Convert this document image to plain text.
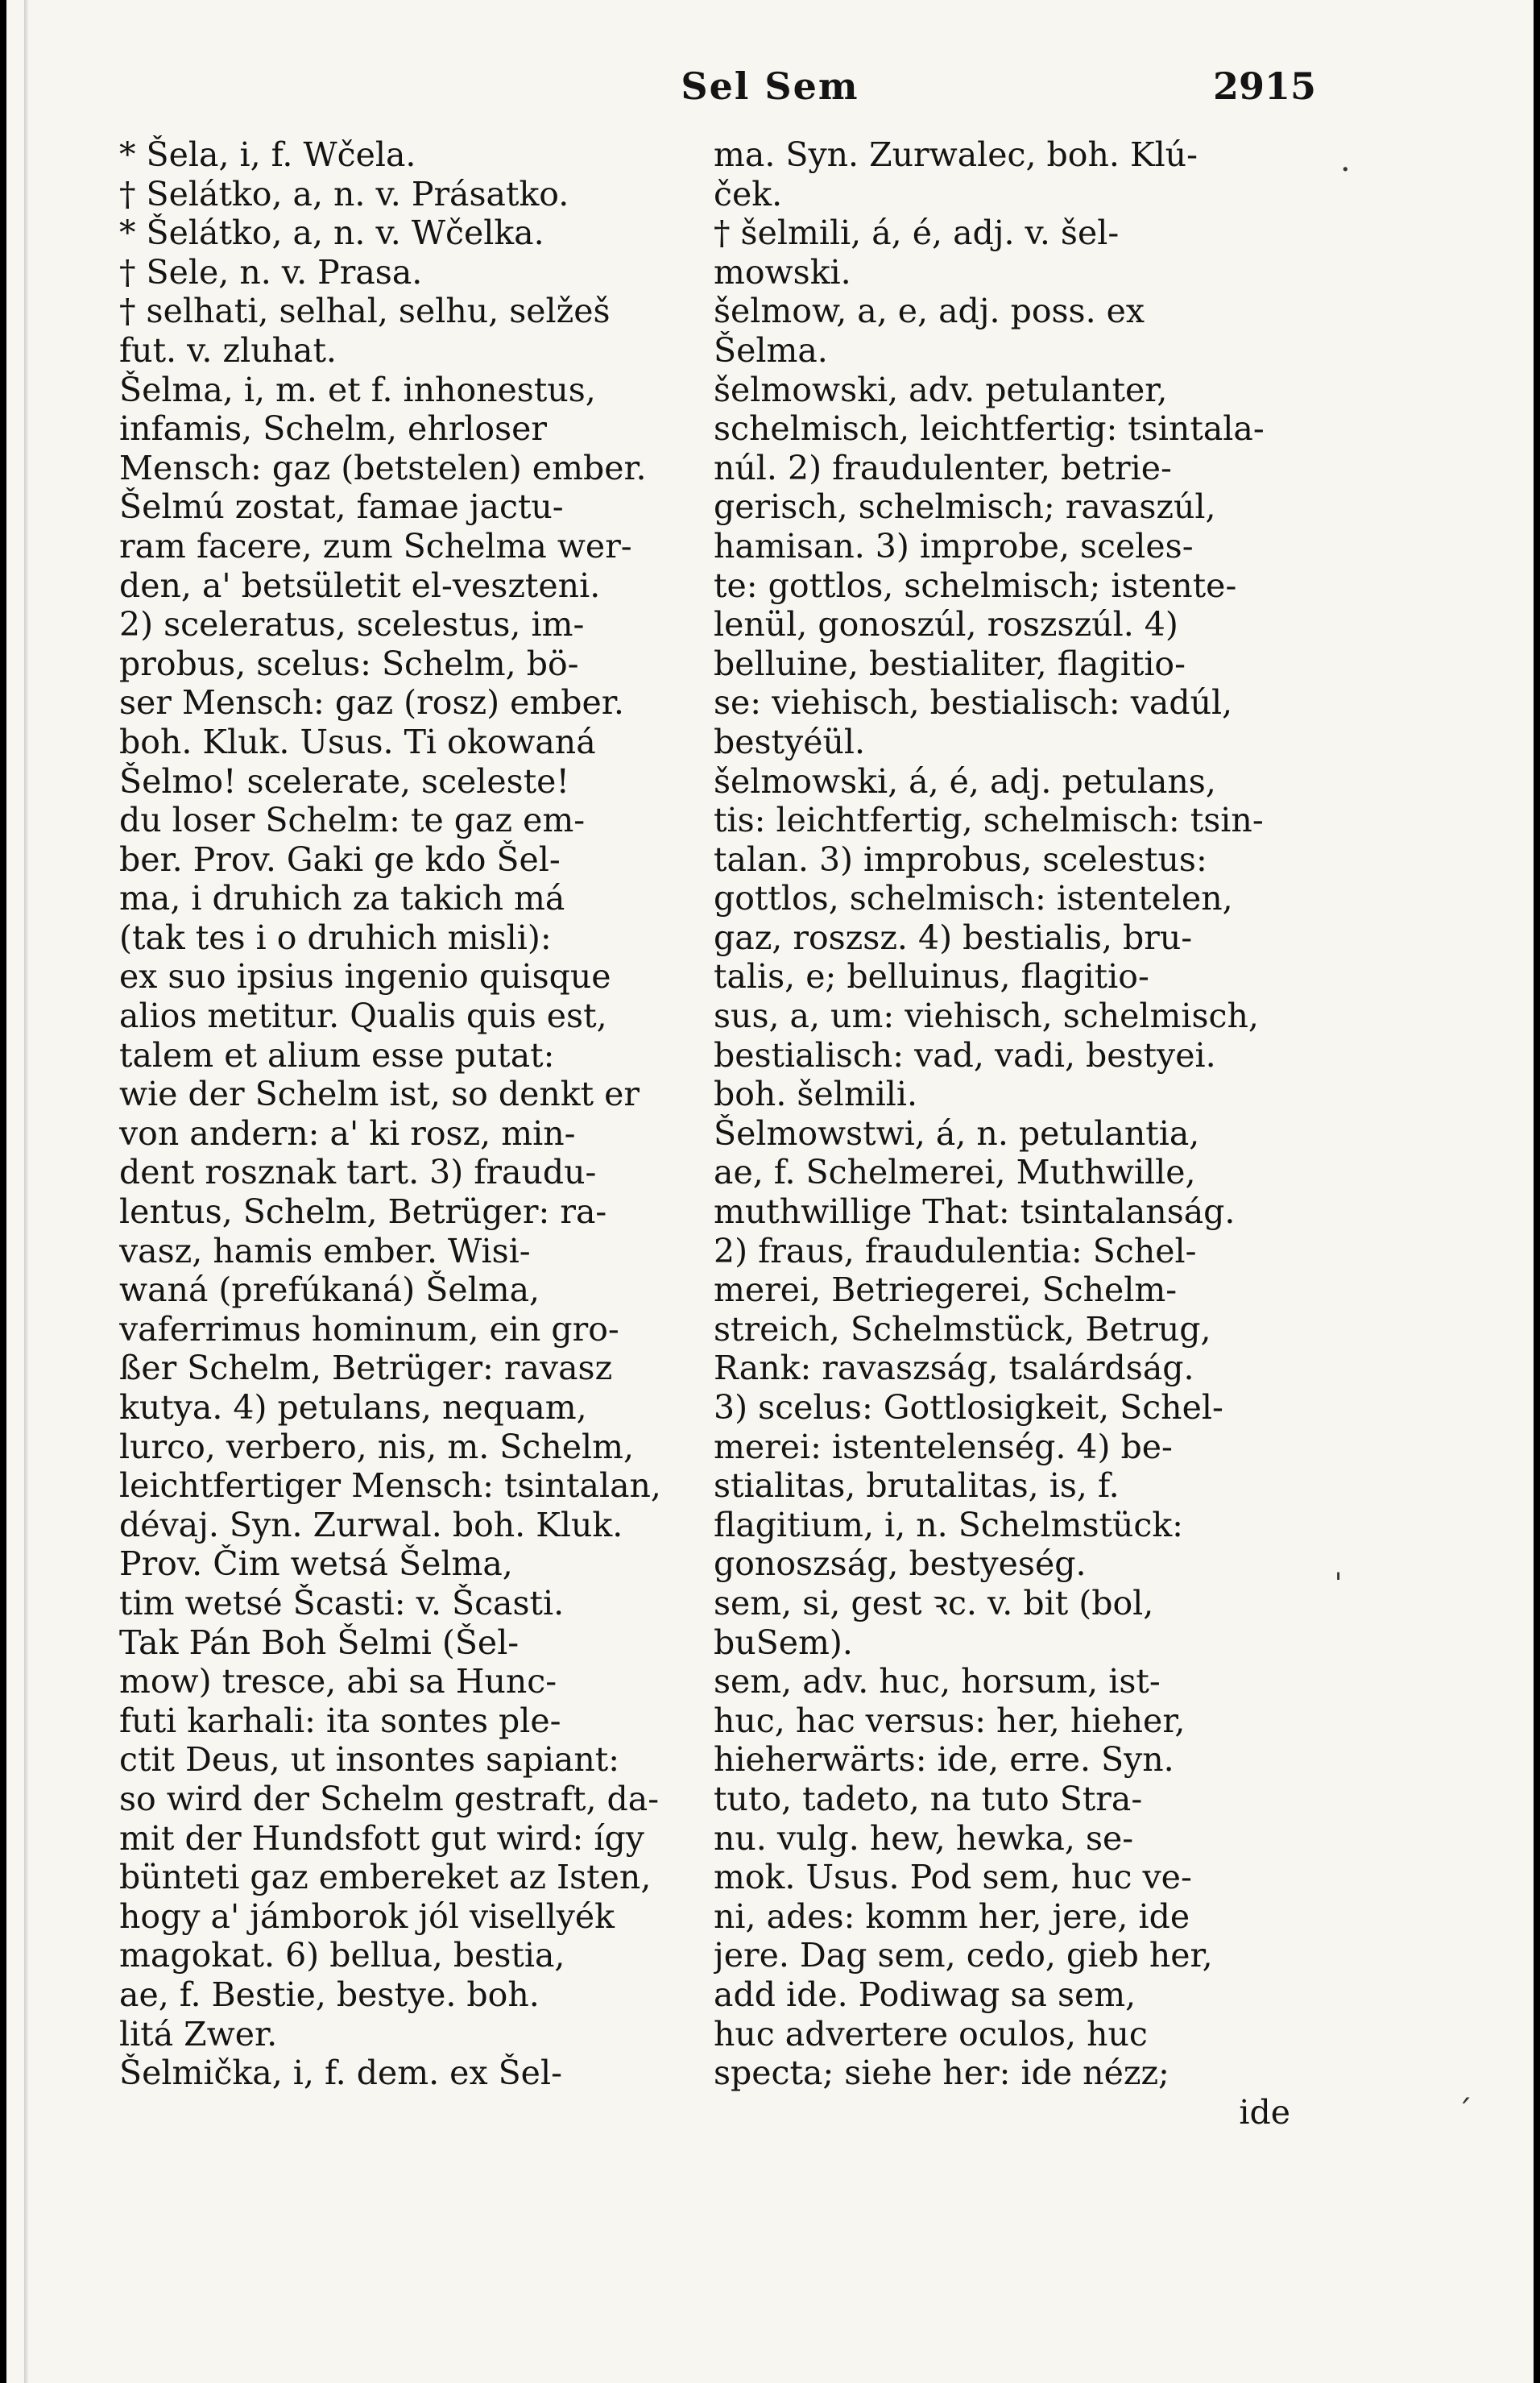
Sel Sem	2915
* Šela, i, f. Wčela.
† Selátko, a, n. v. Prásatko.
* Šelátko, a, n. v. Wčelka.
† Sele, n. v. Prasa.
† selhati, selhal, selhu, selžeš
fut. v. zluhat.
Šelma, i, m. et f. inhonestus,
infamis, Schelm, ehrloser
Mensch: gaz (betstelen) ember.
Šelmú zostat, famae jactu-
ram facere, zum Schelma wer-
den, a' betsületit el-veszteni.
2) sceleratus, scelestus, im-
probus, scelus: Schelm, bö-
ser Mensch: gaz (rosz) ember.
boh. Kluk. Usus. Ti okowaná
Šelmo! scelerate, sceleste!
du loser Schelm: te gaz em-
ber. Prov. Gaki ge kdo Šel-
ma, i druhich za takich má
(tak tes i o druhich misli):
ex suo ipsius ingenio quisque
alios metitur. Qualis quis est,
talem et alium esse putat:
wie der Schelm ist, so denkt er
von andern: a' ki rosz, min-
dent rosznak tart. 3) fraudu-
lentus, Schelm, Betrüger: ra-
vasz, hamis ember. Wisi-
waná (prefúkaná) Šelma,
vaferrimus hominum, ein gro-
ßer Schelm, Betrüger: ravasz
kutya. 4) petulans, nequam,
lurco, verbero, nis, m. Schelm,
leichtfertiger Mensch: tsintalan,
dévaj. Syn. Zurwal. boh. Kluk.
Prov. Čim wetsá Šelma,
tim wetsé Šcasti: v. Šcasti.
Tak Pán Boh Šelmi (Šel-
mow) tresce, abi sa Hunc-
futi karhali: ita sontes ple-
ctit Deus, ut insontes sapiant:
so wird der Schelm gestraft, da-
mit der Hundsfott gut wird: így
bünteti gaz embereket az Isten,
hogy a' jámborok jól visellyék
magokat. 6) bellua, bestia,
ae, f. Bestie, bestye. boh.
litá Zwer.
Šelmička, i, f. dem. ex Šel-
ma. Syn. Zurwalec, boh. Klú-
ček.
† šelmili, á, é, adj. v. šel-
mowski.
šelmow, a, e, adj. poss. ex
Šelma.
šelmowski, adv. petulanter,
schelmisch, leichtfertig: tsintala-
núl. 2) fraudulenter, betrie-
gerisch, schelmisch; ravaszúl,
hamisan. 3) improbe, sceles-
te: gottlos, schelmisch; istente-
lenül, gonoszúl, roszszúl. 4)
belluine, bestialiter, flagitio-
se: viehisch, bestialisch: vadúl,
bestyéül.
šelmowski, á, é, adj. petulans,
tis: leichtfertig, schelmisch: tsin-
talan. 3) improbus, scelestus:
gottlos, schelmisch: istentelen,
gaz, roszsz. 4) bestialis, bru-
talis, e; belluinus, flagitio-
sus, a, um: viehisch, schelmisch,
bestialisch: vad, vadi, bestyei.
boh. šelmili.
Šelmowstwi, á, n. petulantia,
ae, f. Schelmerei, Muthwille,
muthwillige That: tsintalanság.
2) fraus, fraudulentia: Schel-
merei, Betriegerei, Schelm-
streich, Schelmstück, Betrug,
Rank: ravaszság, tsalárdság.
3) scelus: Gottlosigkeit, Schel-
merei: istentelenség. 4) be-
stialitas, brutalitas, is, f.
flagitium, i, n. Schelmstück:
gonoszság, bestyeség.
sem, si, gest ꝛc. v. bit (bol,
buSem).
sem, adv. huc, horsum, ist-
huc, hac versus: her, hieher,
hieherwärts: ide, erre. Syn.
tuto, tadeto, na tuto Stra-
nu. vulg. hew, hewka, se-
mok. Usus. Pod sem, huc ve-
ni, ades: komm her, jere, ide
jere. Dag sem, cedo, gieb her,
add ide. Podiwag sa sem,
huc advertere oculos, huc
specta; siehe her: ide nézz;
ide
·
ˌ
ˊ
